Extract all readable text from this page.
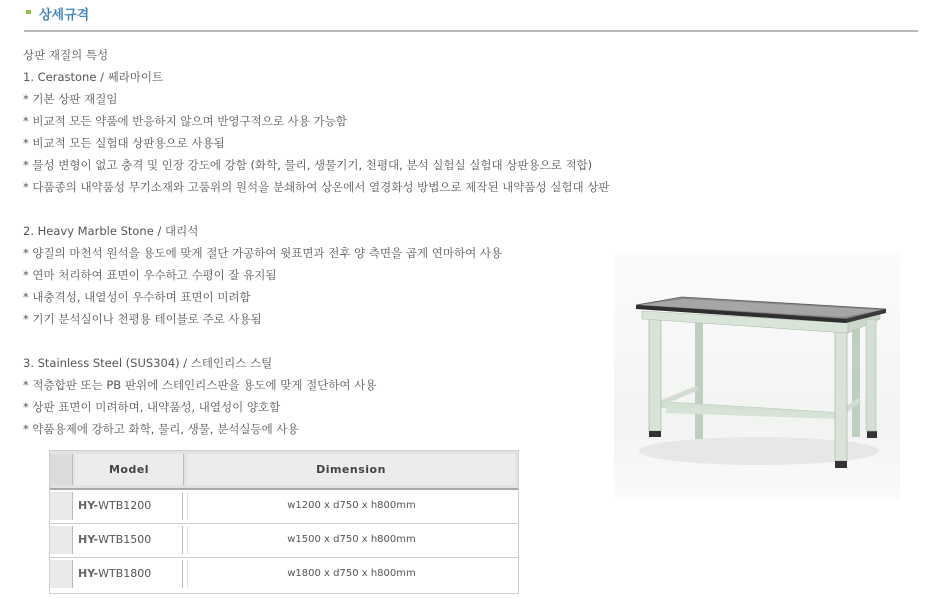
상세규격
상판 재질의 특성
1. Cerastone / 쎄라마이트
* 기본 상판 재질임
* 비교적 모든 약품에 반응하지 않으며 반영구적으로 사용 가능함
* 비교적 모든 실험대 상판용으로 사용됨
* 물성 변형이 없고 충격 및 인장 강도에 강함 (화학, 물리, 생물기기, 천평대, 분석 실험실 실험대 상판용으로 적합)
* 다품종의 내약품성 무기소재와 고품위의 원석을 분쇄하여 상온에서 열경화성 방법으로 제작된 내약품성 실험대 상판
2. Heavy Marble Stone / 대리석
* 양질의 마천석 원석을 용도에 맞게 절단 가공하여 윗표면과 전후 양 측면을 곱게 연마하여 사용
* 연마 처리하여 표면이 우수하고 수평이 잘 유지됨
* 내충격성, 내열성이 우수하며 표면이 미려함
* 기기 분석실이나 천평용 테이블로 주로 사용됨
3. Stainless Steel (SUS304) / 스테인리스 스틸
* 적층합판 또는 PB 판위에 스테인리스판을 용도에 맞게 절단하여 사용
* 상판 표면이 미려하며, 내약품성, 내열성이 양호함
* 약품용제에 강하고 화학, 물리, 생물, 분석실등에 사용
Model	Dimension
HY-WTB1200	w1200 x d750 x h800mm
HY-WTB1500	w1500 x d750 x h800mm
HY-WTB1800	w1800 x d750 x h800mm
